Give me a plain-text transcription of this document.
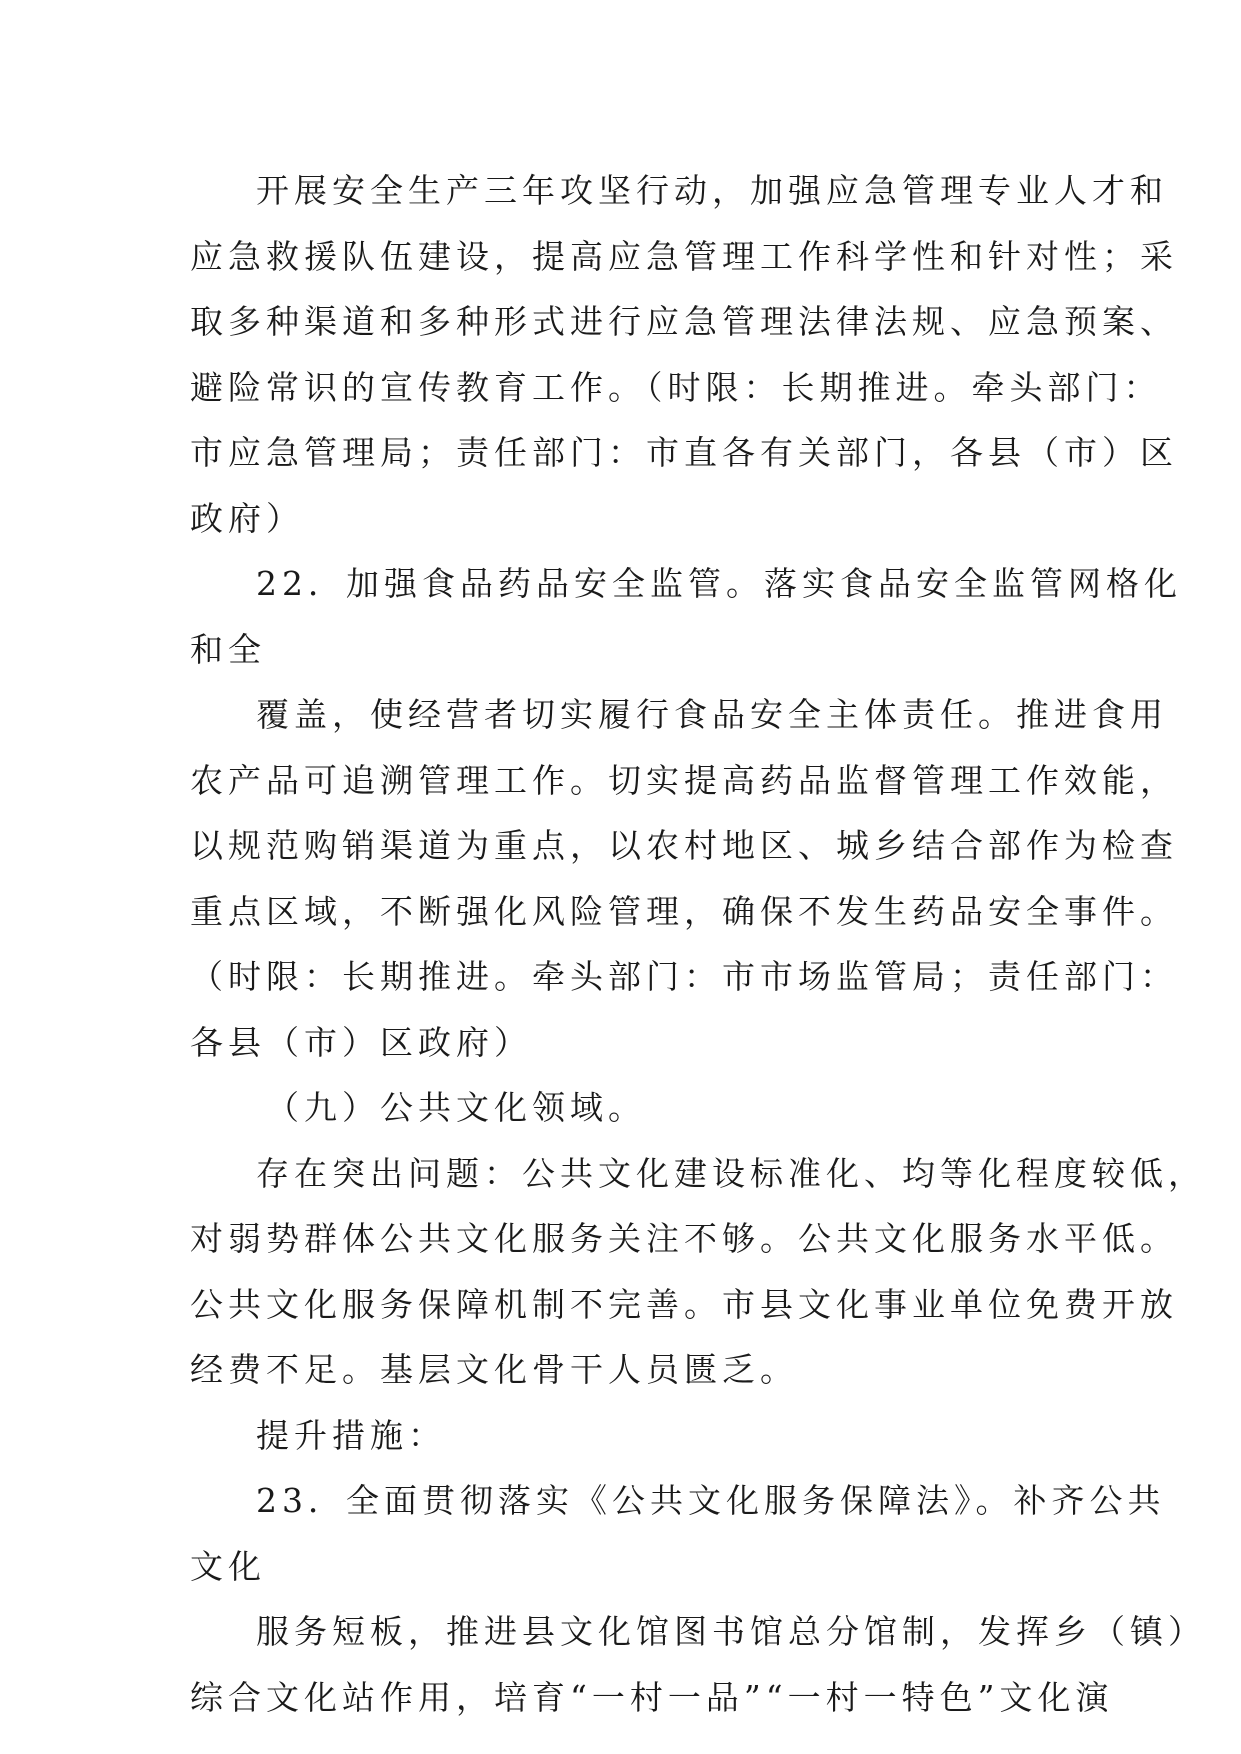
开展安全生产三年攻坚行动，加强应急管理专业人才和
应急救援队伍建设，提高应急管理工作科学性和针对性；采
取多种渠道和多种形式进行应急管理法律法规、应急预案、
避险常识的宣传教育工作。（时限：长期推进。牵头部门：
市应急管理局；责任部门：市直各有关部门，各县（市）区
政府）
22．加强食品药品安全监管。落实食品安全监管网格化
和全
覆盖，使经营者切实履行食品安全主体责任。推进食用
农产品可追溯管理工作。切实提高药品监督管理工作效能，
以规范购销渠道为重点，以农村地区、城乡结合部作为检查
重点区域，不断强化风险管理，确保不发生药品安全事件。
（时限：长期推进。牵头部门：市市场监管局；责任部门：
各县（市）区政府）
（九）公共文化领域。
存在突出问题：公共文化建设标准化、均等化程度较低，
对弱势群体公共文化服务关注不够。公共文化服务水平低。
公共文化服务保障机制不完善。市县文化事业单位免费开放
经费不足。基层文化骨干人员匮乏。
提升措施：
23．全面贯彻落实《公共文化服务保障法》。补齐公共
文化
服务短板，推进县文化馆图书馆总分馆制，发挥乡（镇）
综合文化站作用，培育“一村一品”“一村一特色”文化演
